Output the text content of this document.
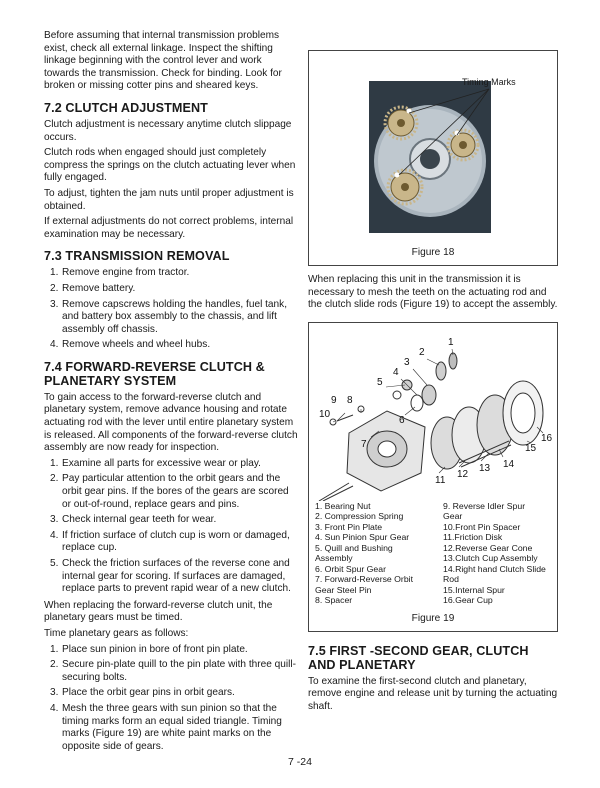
Before assuming that internal transmission problems exist, check all external linkage. Inspect the shifting linkage beginning with the control lever and work towards the transmission. Check for binding. Look for broken or missing cotter pins and sheared keys.

7.2 CLUTCH ADJUSTMENT

Clutch adjustment is necessary anytime clutch slippage occurs.

Clutch rods when engaged should just completely compress the springs on the clutch actuating lever when fully engaged.

To adjust, tighten the jam nuts until proper adjustment is obtained.

If external adjustments do not correct problems, internal examination may be necessary.

7.3 TRANSMISSION REMOVAL
1. Remove engine from tractor.
2. Remove battery.
3. Remove capscrews holding the handles, fuel tank, and battery box assembly to the chassis, and lift assembly off chassis.
4. Remove wheels and wheel hubs.
7.4 FORWARD-REVERSE CLUTCH & PLANETARY SYSTEM

To gain access to the forward-reverse clutch and planetary system, remove advance housing and rotate actuating rod with the lever until entire planetary system is released. All components of the forward-reverse clutch assembly are now ready for inspection.

1. Examine all parts for excessive wear or play.
2. Pay particular attention to the orbit gears and the orbit gear pins. If the bores of the gears are scored or out-of-round, replace gears and pins.
3. Check internal gear teeth for wear.
4. If friction surface of clutch cup is worn or damaged, replace cup.
5. Check the friction surfaces of the reverse cone and internal gear for scoring. If surfaces are damaged, replace parts to prevent rapid wear of a new clutch.

When replacing the forward-reverse clutch unit, the planetary gears must be timed.

Time planetary gears as follows:

1. Place sun pinion in bore of front pin plate.
2. Secure pin-plate quill to the pin plate with three quill-securing bolts.
3. Place the orbit gear pins in orbit gears.
4. Mesh the three gears with sun pinion so that the timing marks form an equal sided triangle. Timing marks (Figure 19) are white paint marks on the opposite side of gears.
Timing Marks
Figure 18

When replacing this unit in the transmission it is necessary to mesh the teeth on the actuating rod and the clutch slide rods (Figure 19) to accept the assembly.

1
2
3
4
5
6
7
8
9
10
11
12
13 14
15
16
1. Bearing Nut
2. Compression Spring
3. Front Pin Plate
4. Sun Pinion Spur Gear
5. Quill and Bushing
Assembly
6. Orbit Spur Gear
7. Forward-Reverse Orbit
Gear Steel Pin
8. Spacer
9. Reverse Idler Spur
Gear
10.Front Pin Spacer
11.Friction Disk
12.Reverse Gear Cone
13.Clutch Cup Assembly
14.Right hand Clutch Slide
Rod
15.Internal Spur
16.Gear Cup
Figure 19
7.5 FIRST -SECOND GEAR, CLUTCH AND PLANETARY

To examine the first-second clutch and planetary, remove engine and release unit by turning the actuating shaft.

7 -24
